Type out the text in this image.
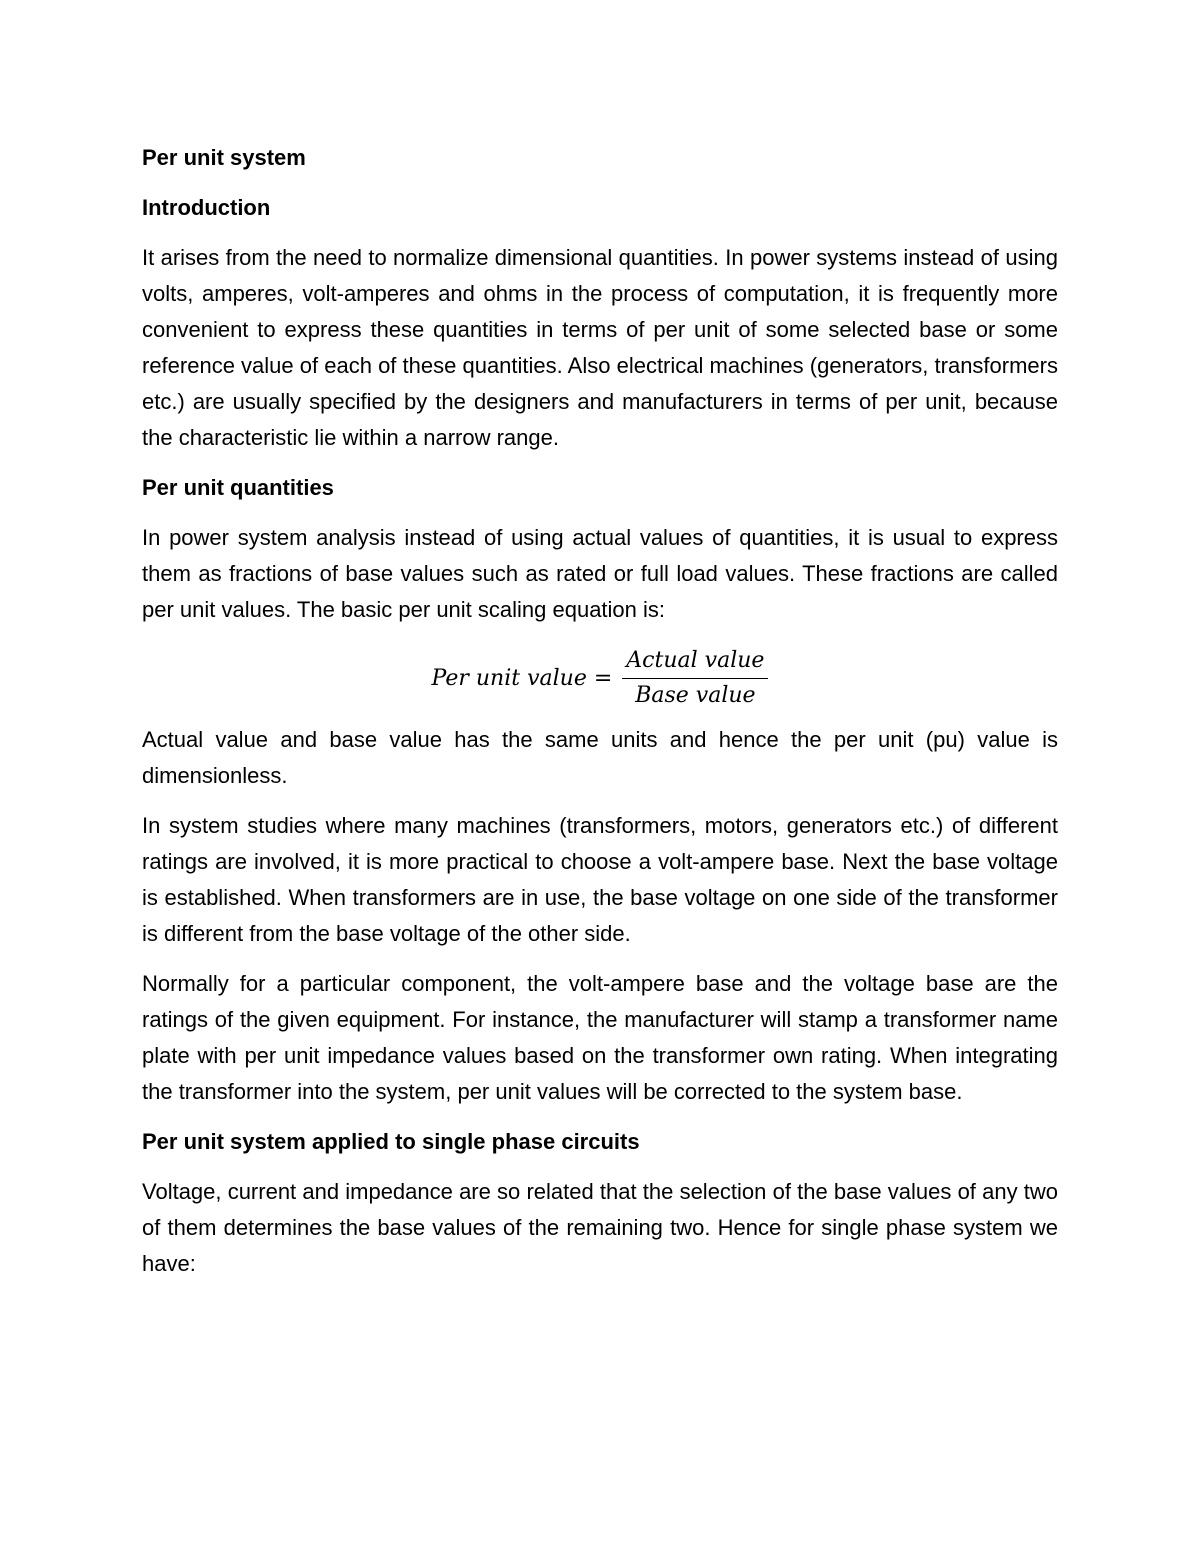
Per unit system
Introduction

It arises from the need to normalize dimensional quantities. In power systems instead of using volts, amperes, volt-amperes and ohms in the process of computation, it is frequently more convenient to express these quantities in terms of per unit of some selected base or some reference value of each of these quantities. Also electrical machines (generators, transformers etc.) are usually specified by the designers and manufacturers in terms of per unit, because the characteristic lie within a narrow range.

Per unit quantities

In power system analysis instead of using actual values of quantities, it is usual to express them as fractions of base values such as rated or full load values. These fractions are called per unit values. The basic per unit scaling equation is:

Per unit value = $\frac{\text{Actual value}}{\text{Base value}}$

Actual value and base value has the same units and hence the per unit (pu) value is dimensionless.

In system studies where many machines (transformers, motors, generators etc.) of different ratings are involved, it is more practical to choose a volt-ampere base. Next the base voltage is established. When transformers are in use, the base voltage on one side of the transformer is different from the base voltage of the other side.

Normally for a particular component, the volt-ampere base and the voltage base are the ratings of the given equipment. For instance, the manufacturer will stamp a transformer name plate with per unit impedance values based on the transformer own rating. When integrating the transformer into the system, per unit values will be corrected to the system base.

Per unit system applied to single phase circuits

Voltage, current and impedance are so related that the selection of the base values of any two of them determines the base values of the remaining two. Hence for single phase system we have:
